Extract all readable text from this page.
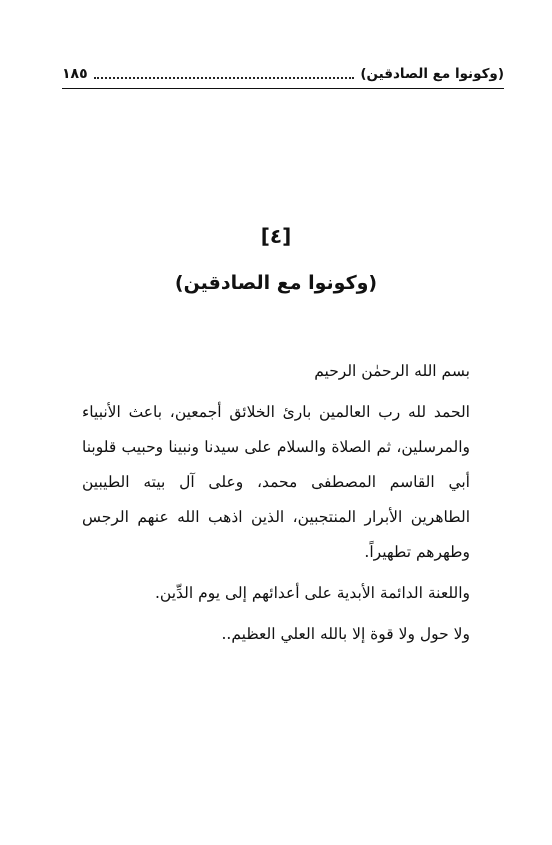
(وكونوا مع الصادقين)
١٨٥
[٤]
(وكونوا مع الصادقين)

بسم الله الرحمٰن الرحيم

الحمد لله رب العالمين بارئ الخلائق أجمعين، باعث الأنبياء والمرسلين، ثم الصلاة والسلام على سيدنا ونبينا وحبيب قلوبنا أبي القاسم المصطفى محمد، وعلى آل بيته الطيبين الطاهرين الأبرار المنتجبين، الذين اذهب الله عنهم الرجس وطهرهم تطهيراً.

واللعنة الدائمة الأبدية على أعدائهم إلى يوم الدِّين.

ولا حول ولا قوة إلا بالله العلي العظيم..
